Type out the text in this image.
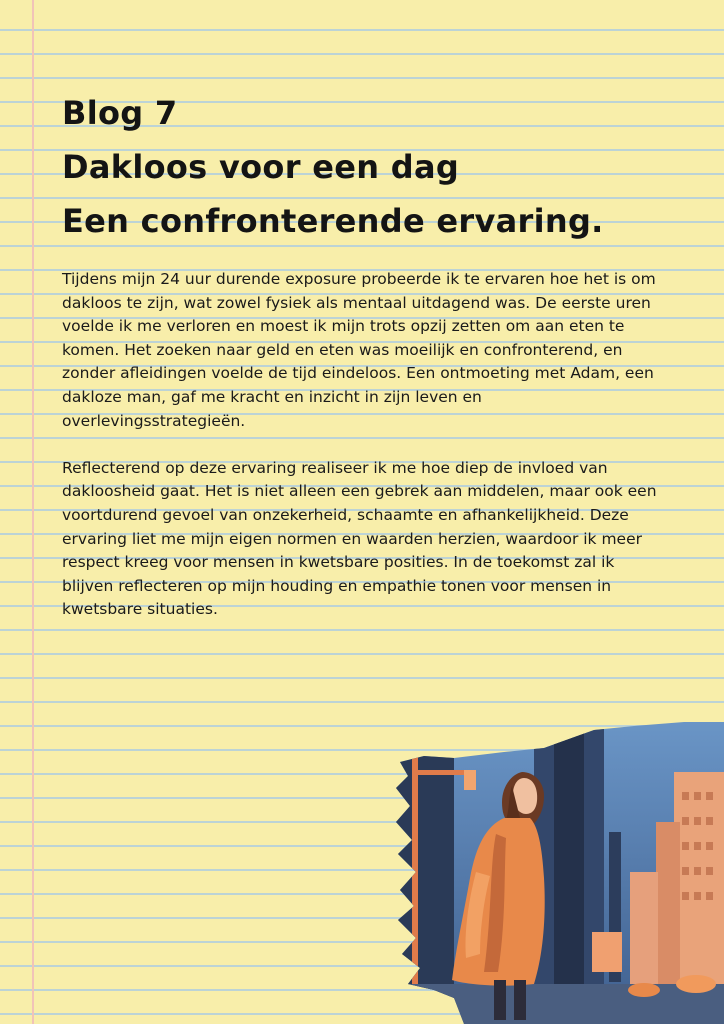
Blog 7
Dakloos voor een dag
Een confronterende ervaring.

Tijdens mijn 24 uur durende exposure probeerde ik te ervaren hoe het is om dakloos te zijn, wat zowel fysiek als mentaal uitdagend was. De eerste uren voelde ik me verloren en moest ik mijn trots opzij zetten om aan eten te komen. Het zoeken naar geld en eten was moeilijk en confronterend, en zonder afleidingen voelde de tijd eindeloos. Een ontmoeting met Adam, een dakloze man, gaf me kracht en inzicht in zijn leven en overlevingsstrategieën.

Reflecterend op deze ervaring realiseer ik me hoe diep de invloed van dakloosheid gaat. Het is niet alleen een gebrek aan middelen, maar ook een voortdurend gevoel van onzekerheid, schaamte en afhankelijkheid. Deze ervaring liet me mijn eigen normen en waarden herzien, waardoor ik meer respect kreeg voor mensen in kwetsbare posities. In de toekomst zal ik blijven reflecteren op mijn houding en empathie tonen voor mensen in kwetsbare situaties.
